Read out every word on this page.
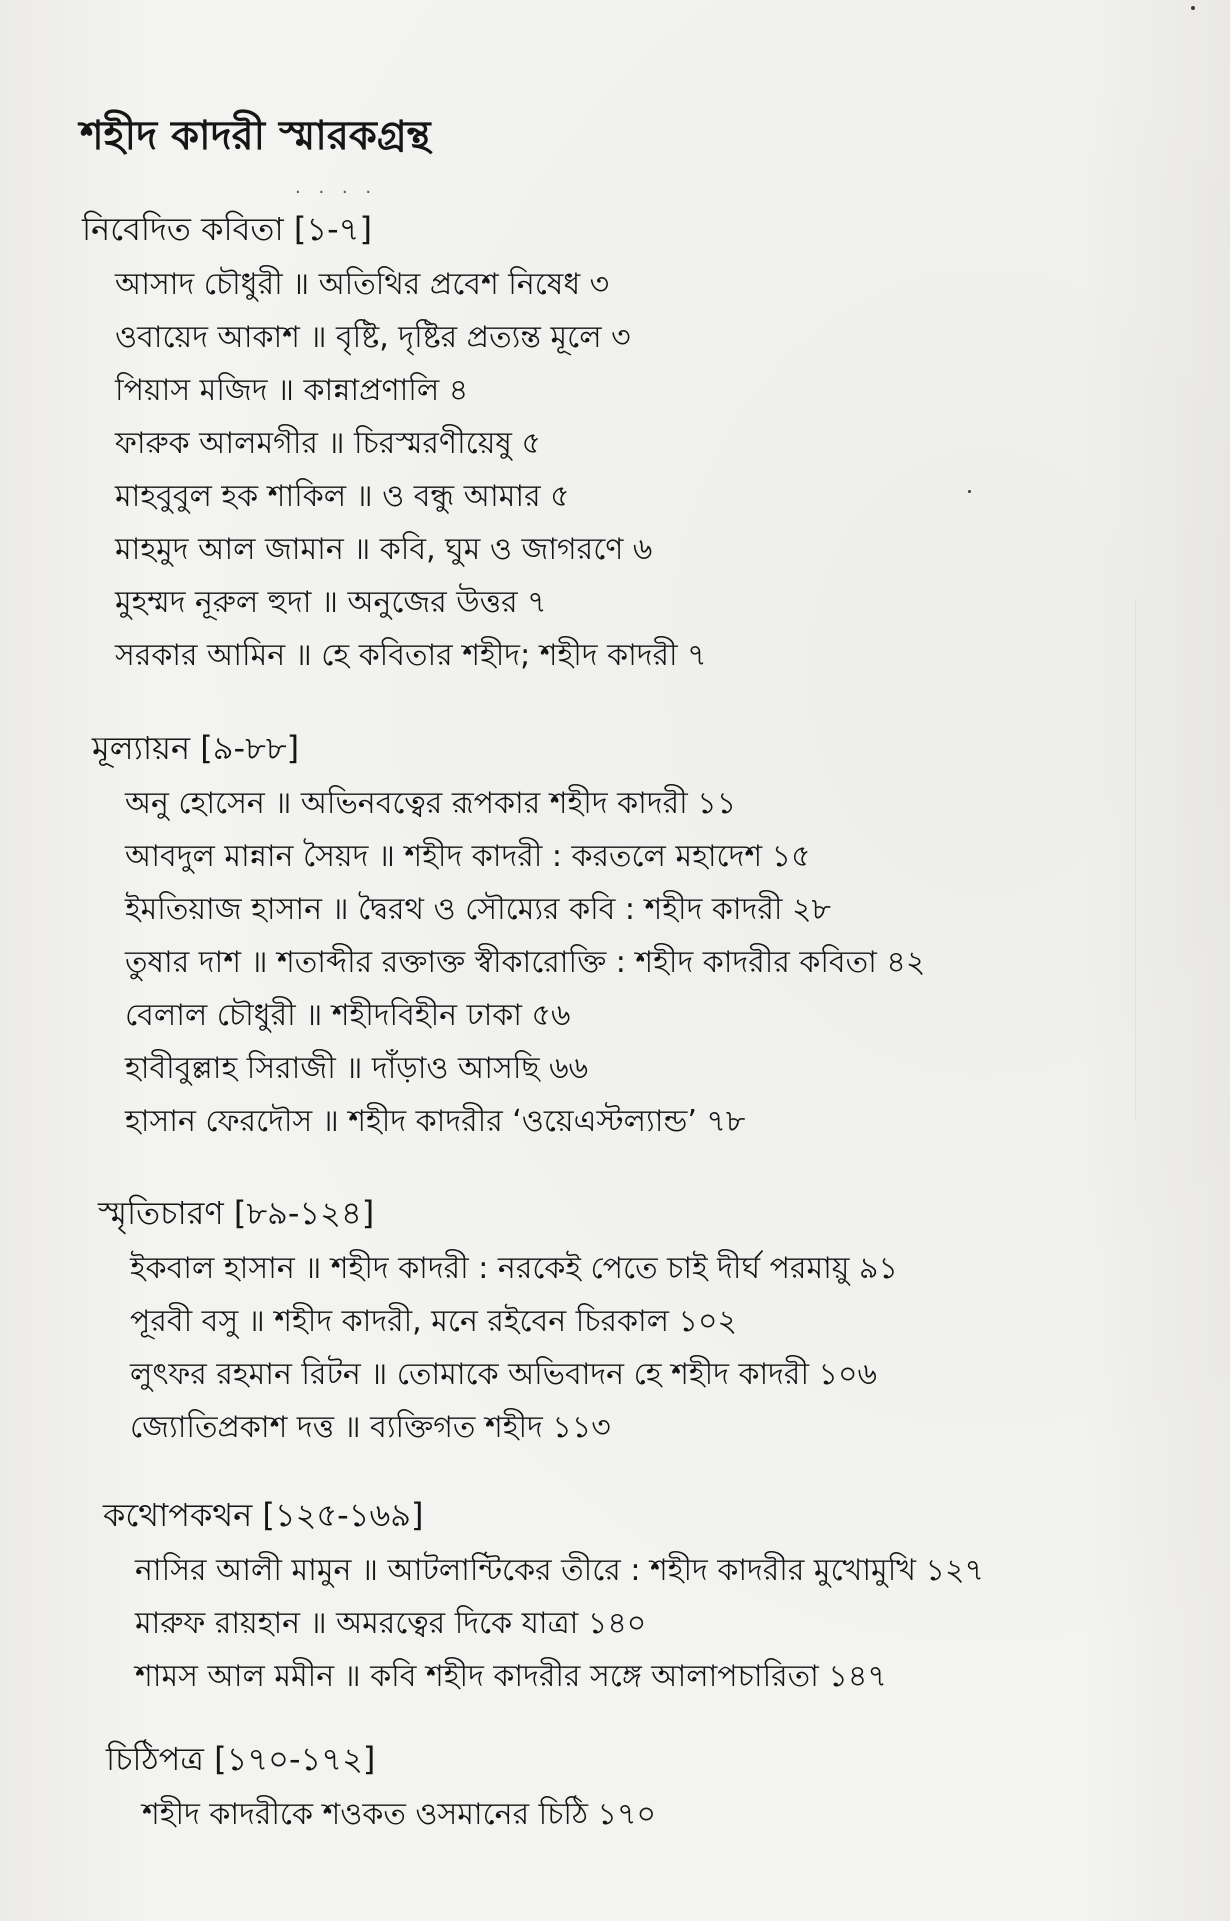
শহীদ কাদরী স্মারকগ্রন্থ
. . . .
নিবেদিত কবিতা [১-৭]
আসাদ চৌধুরী ॥ অতিথির প্রবেশ নিষেধ ৩
ওবায়েদ আকাশ ॥ বৃষ্টি, দৃষ্টির প্রত্যন্ত মূলে ৩
পিয়াস মজিদ ॥ কান্নাপ্রণালি ৪
ফারুক আলমগীর ॥ চিরস্মরণীয়েষু ৫
মাহবুবুল হক শাকিল ॥ ও বন্ধু আমার ৫
মাহমুদ আল জামান ॥ কবি, ঘুম ও জাগরণে ৬
মুহম্মদ নূরুল হুদা ॥ অনুজের উত্তর ৭
সরকার আমিন ॥ হে কবিতার শহীদ; শহীদ কাদরী ৭
মূল্যায়ন [৯-৮৮]
অনু হোসেন ॥ অভিনবত্বের রূপকার শহীদ কাদরী ১১
আবদুল মান্নান সৈয়দ ॥ শহীদ কাদরী : করতলে মহাদেশ ১৫
ইমতিয়াজ হাসান ॥ দ্বৈরথ ও সৌম্যের কবি : শহীদ কাদরী ২৮
তুষার দাশ ॥ শতাব্দীর রক্তাক্ত স্বীকারোক্তি : শহীদ কাদরীর কবিতা ৪২
বেলাল চৌধুরী ॥ শহীদবিহীন ঢাকা ৫৬
হাবীবুল্লাহ সিরাজী ॥ দাঁড়াও আসছি ৬৬
হাসান ফেরদৌস ॥ শহীদ কাদরীর ‘ওয়েএস্টল্যান্ড’ ৭৮
স্মৃতিচারণ [৮৯-১২৪]
ইকবাল হাসান ॥ শহীদ কাদরী : নরকেই পেতে চাই দীর্ঘ পরমায়ু ৯১
পূরবী বসু ॥ শহীদ কাদরী, মনে রইবেন চিরকাল ১০২
লুৎফর রহমান রিটন ॥ তোমাকে অভিবাদন হে শহীদ কাদরী ১০৬
জ্যোতিপ্রকাশ দত্ত ॥ ব্যক্তিগত শহীদ ১১৩
কথোপকথন [১২৫-১৬৯]
নাসির আলী মামুন ॥ আটলান্টিকের তীরে : শহীদ কাদরীর মুখোমুখি ১২৭
মারুফ রায়হান ॥ অমরত্বের দিকে যাত্রা ১৪০
শামস আল মমীন ॥ কবি শহীদ কাদরীর সঙ্গে আলাপচারিতা ১৪৭
চিঠিপত্র [১৭০-১৭২]
শহীদ কাদরীকে শওকত ওসমানের চিঠি ১৭০
